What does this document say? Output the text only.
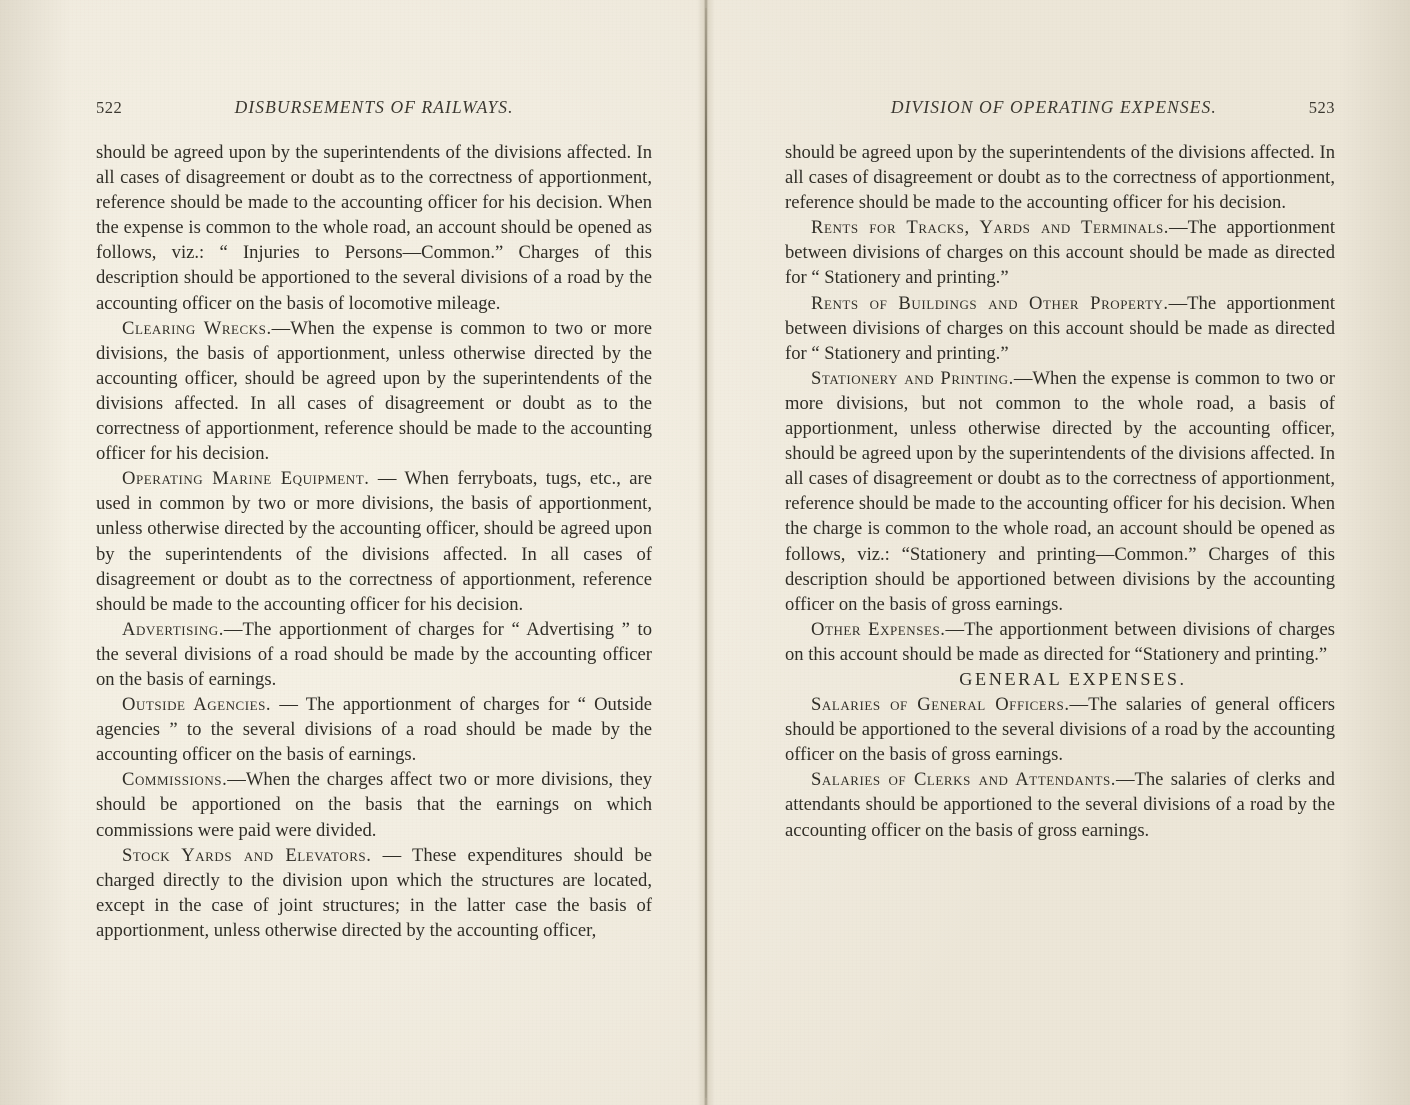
522	DISBURSEMENTS OF RAILWAYS.

should be agreed upon by the superintendents of the divisions affected. In all cases of disagreement or doubt as to the correctness of apportionment, reference should be made to the accounting officer for his decision. When the expense is common to the whole road, an account should be opened as follows, viz.: “ Injuries to Persons—Common.” Charges of this description should be apportioned to the several divisions of a road by the accounting officer on the basis of locomotive mileage.

Clearing Wrecks.—When the expense is common to two or more divisions, the basis of apportionment, unless otherwise directed by the accounting officer, should be agreed upon by the superintendents of the divisions affected. In all cases of disagreement or doubt as to the correctness of apportionment, reference should be made to the accounting officer for his decision.

Operating Marine Equipment. — When ferryboats, tugs, etc., are used in common by two or more divisions, the basis of apportionment, unless otherwise directed by the accounting officer, should be agreed upon by the superintendents of the divisions affected. In all cases of disagreement or doubt as to the correctness of apportionment, reference should be made to the accounting officer for his decision.

Advertising.—The apportionment of charges for “ Advertising ” to the several divisions of a road should be made by the accounting officer on the basis of earnings.

Outside Agencies. — The apportionment of charges for “ Outside agencies ” to the several divisions of a road should be made by the accounting officer on the basis of earnings.

Commissions.—When the charges affect two or more divisions, they should be apportioned on the basis that the earnings on which commissions were paid were divided.

Stock Yards and Elevators. — These expenditures should be charged directly to the division upon which the structures are located, except in the case of joint structures; in the latter case the basis of apportionment, unless otherwise directed by the accounting officer,

DIVISION OF OPERATING EXPENSES.	523

should be agreed upon by the superintendents of the divisions affected. In all cases of disagreement or doubt as to the correctness of apportionment, reference should be made to the accounting officer for his decision.

Rents for Tracks, Yards and Terminals.—The apportionment between divisions of charges on this account should be made as directed for “ Stationery and printing.”

Rents of Buildings and Other Property.—The apportionment between divisions of charges on this account should be made as directed for “ Stationery and printing.”

Stationery and Printing.—When the expense is common to two or more divisions, but not common to the whole road, a basis of apportionment, unless otherwise directed by the accounting officer, should be agreed upon by the superintendents of the divisions affected. In all cases of disagreement or doubt as to the correctness of apportionment, reference should be made to the accounting officer for his decision. When the charge is common to the whole road, an account should be opened as follows, viz.: “Stationery and printing—Common.” Charges of this description should be apportioned between divisions by the accounting officer on the basis of gross earnings.

Other Expenses.—The apportionment between divisions of charges on this account should be made as directed for “Stationery and printing.”

GENERAL EXPENSES.

Salaries of General Officers.—The salaries of general officers should be apportioned to the several divisions of a road by the accounting officer on the basis of gross earnings.

Salaries of Clerks and Attendants.—The salaries of clerks and attendants should be apportioned to the several divisions of a road by the accounting officer on the basis of gross earnings.
